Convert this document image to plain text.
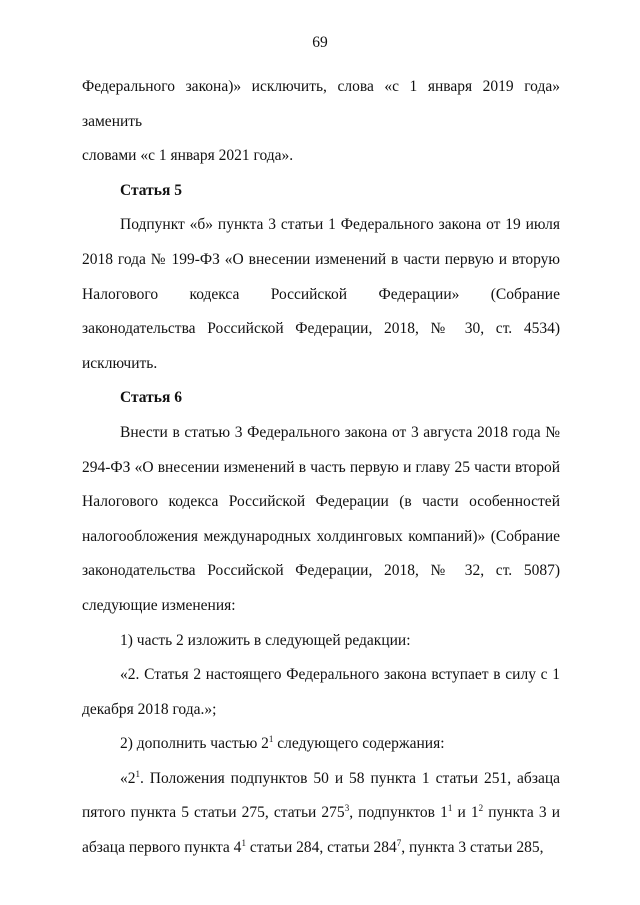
69

Федерального закона)» исключить, слова «с 1 января 2019 года» заменить

словами «с 1 января 2021 года».

Статья 5

Подпункт «б» пункта 3 статьи 1 Федерального закона от 19 июля 2018 года № 199-ФЗ «О внесении изменений в части первую и вторую Налогового кодекса Российской Федерации» (Собрание законодательства Российской Федерации, 2018, № 30, ст. 4534) исключить.

Статья 6

Внести в статью 3 Федерального закона от 3 августа 2018 года № 294-ФЗ «О внесении изменений в часть первую и главу 25 части второй Налогового кодекса Российской Федерации (в части особенностей налогообложения международных холдинговых компаний)» (Собрание законодательства Российской Федерации, 2018, № 32, ст. 5087) следующие изменения:

1) часть 2 изложить в следующей редакции:

«2. Статья 2 настоящего Федерального закона вступает в силу с 1 декабря 2018 года.»;

2) дополнить частью $2^1$ следующего содержания:

«$2^1$. Положения подпунктов 50 и 58 пункта 1 статьи 251, абзаца пятого пункта 5 статьи 275, статьи $275^3$, подпунктов $1^1$ и $1^2$ пункта 3 и абзаца первого пункта $4^1$ статьи 284, статьи $284^7$, пункта 3 статьи 285,
